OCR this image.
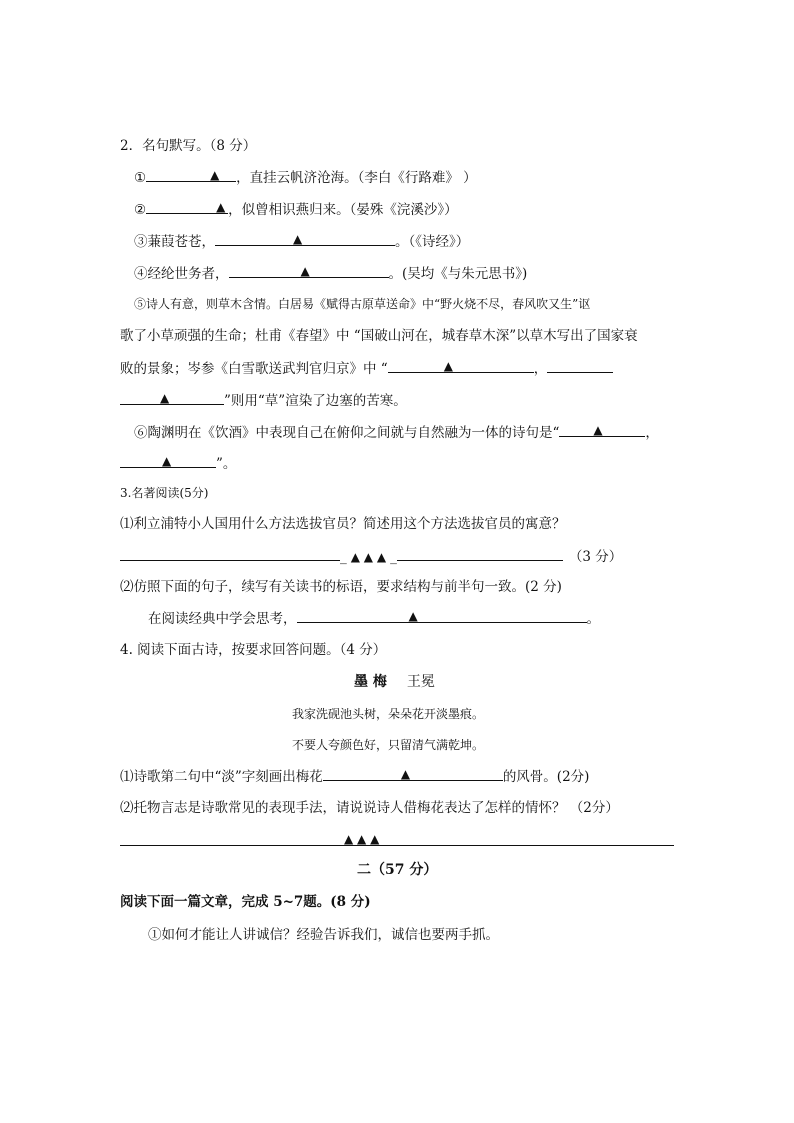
2．名句默写。（8 分）
①	▲ ，直挂云帆济沧海。（李白《行路难》 ）
②	▲ ，似曾相识燕归来。（晏殊《浣溪沙》）
③蒹葭苍苍，	▲	。（《诗经》）
④经纶世务者，	▲	。(吴均《与朱元思书》)
⑤诗人有意，则草木含情。白居易《赋得古原草送命》中“野火烧不尽，春风吹又生”讴
歌了小草顽强的生命；杜甫《春望》中 “国破山河在，城春草木深”以草木写出了国家衰
败的景象；岑参《白雪歌送武判官归京》中 “	▲	，
▲	”则用“草”渲染了边塞的苦寒。
⑥陶渊明在《饮酒》中表现自己在俯仰之间就与自然融为一体的诗句是“	▲	，
▲	”。
3.名著阅读(5分)
⑴利立浦特小人国用什么方法选拔官员？简述用这个方法选拔官员的寓意？
_ ▲ ▲ ▲ _	（3 分）
⑵仿照下面的句子，续写有关读书的标语，要求结构与前半句一致。(2 分)
在阅读经典中学会思考，	▲	。
4. 阅读下面古诗，按要求回答问题。（4 分）
墨 梅 王冕
我家洗砚池头树，朵朵花开淡墨痕。
不要人夸颜色好，只留清气满乾坤。
⑴诗歌第二句中“淡”字刻画出梅花	▲	的风骨。(2分)
⑵托物言志是诗歌常见的表现手法，请说说诗人借梅花表达了怎样的情怀？ （2分）
▲ ▲ ▲
二（57 分）
阅读下面一篇文章，完成 5~7题。(8 分)
①如何才能让人讲诚信？经验告诉我们，诚信也要两手抓。
